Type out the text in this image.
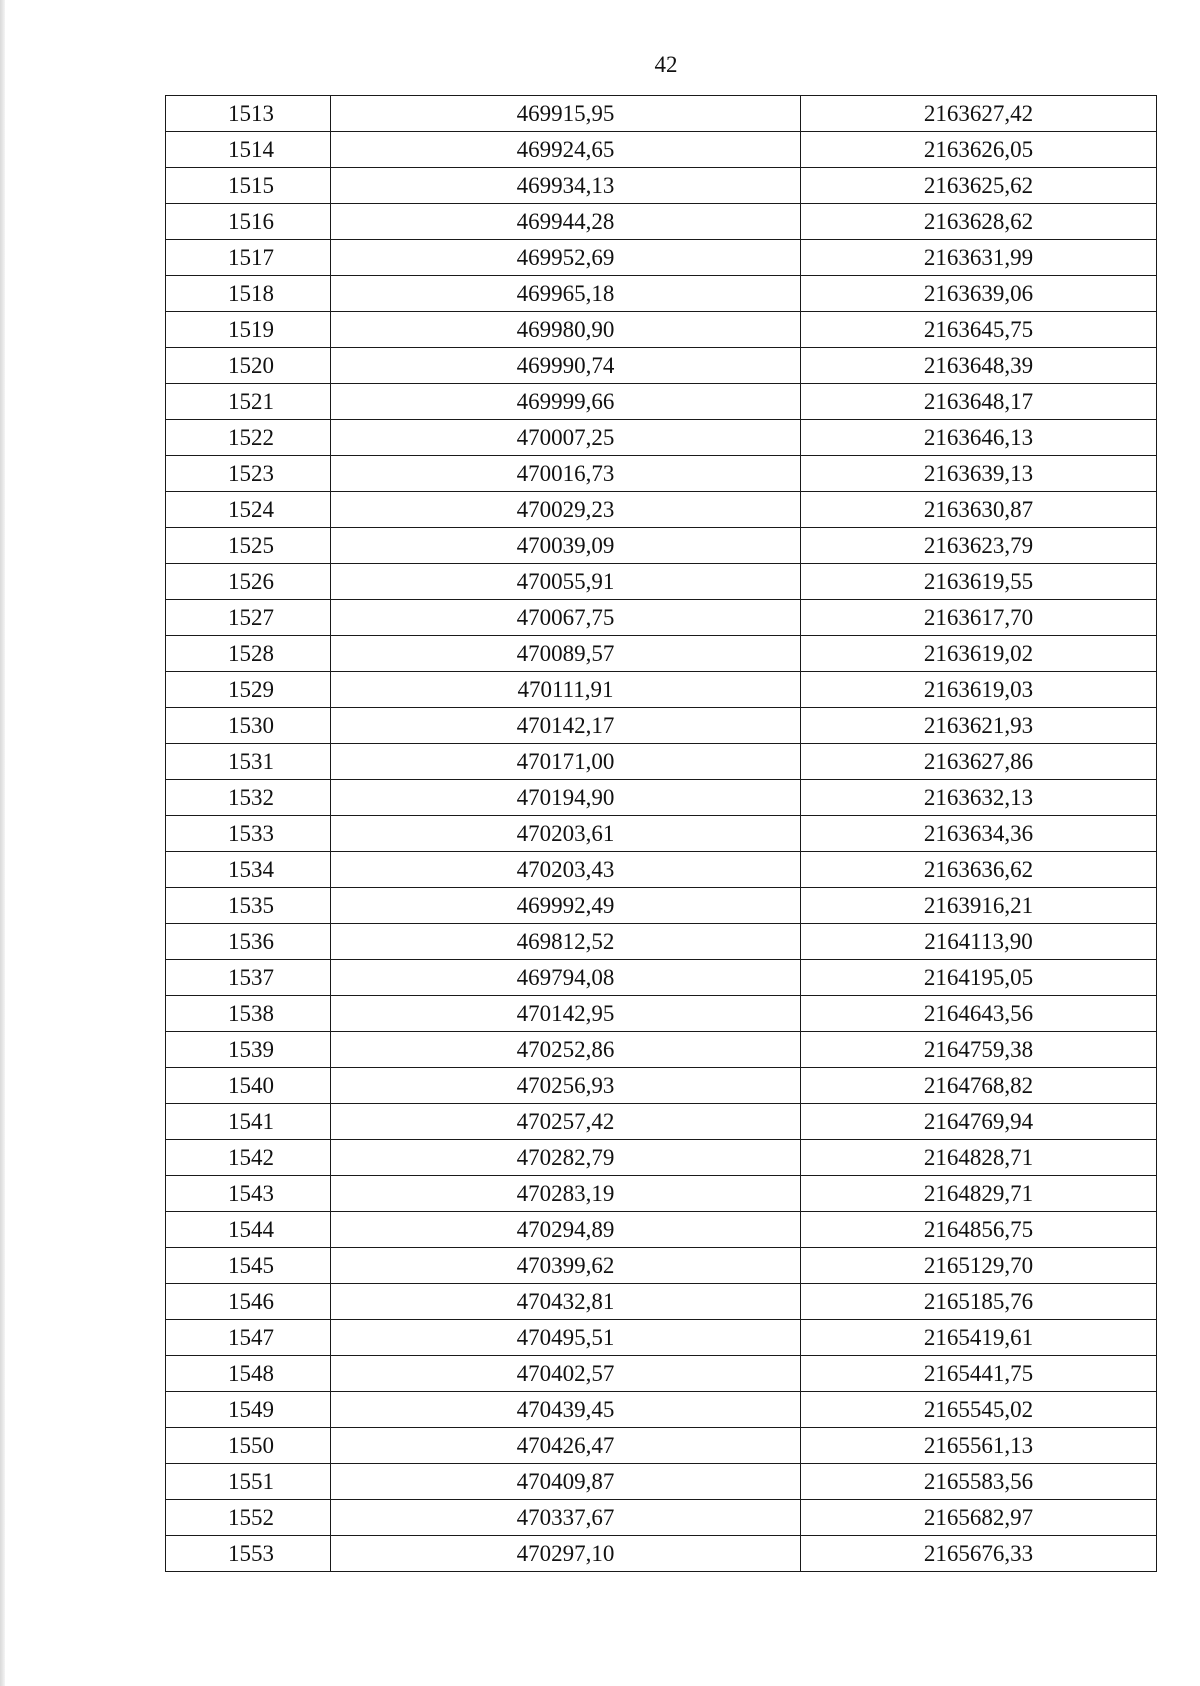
42
1513	469915,95	2163627,42
1514	469924,65	2163626,05
1515	469934,13	2163625,62
1516	469944,28	2163628,62
1517	469952,69	2163631,99
1518	469965,18	2163639,06
1519	469980,90	2163645,75
1520	469990,74	2163648,39
1521	469999,66	2163648,17
1522	470007,25	2163646,13
1523	470016,73	2163639,13
1524	470029,23	2163630,87
1525	470039,09	2163623,79
1526	470055,91	2163619,55
1527	470067,75	2163617,70
1528	470089,57	2163619,02
1529	470111,91	2163619,03
1530	470142,17	2163621,93
1531	470171,00	2163627,86
1532	470194,90	2163632,13
1533	470203,61	2163634,36
1534	470203,43	2163636,62
1535	469992,49	2163916,21
1536	469812,52	2164113,90
1537	469794,08	2164195,05
1538	470142,95	2164643,56
1539	470252,86	2164759,38
1540	470256,93	2164768,82
1541	470257,42	2164769,94
1542	470282,79	2164828,71
1543	470283,19	2164829,71
1544	470294,89	2164856,75
1545	470399,62	2165129,70
1546	470432,81	2165185,76
1547	470495,51	2165419,61
1548	470402,57	2165441,75
1549	470439,45	2165545,02
1550	470426,47	2165561,13
1551	470409,87	2165583,56
1552	470337,67	2165682,97
1553	470297,10	2165676,33
